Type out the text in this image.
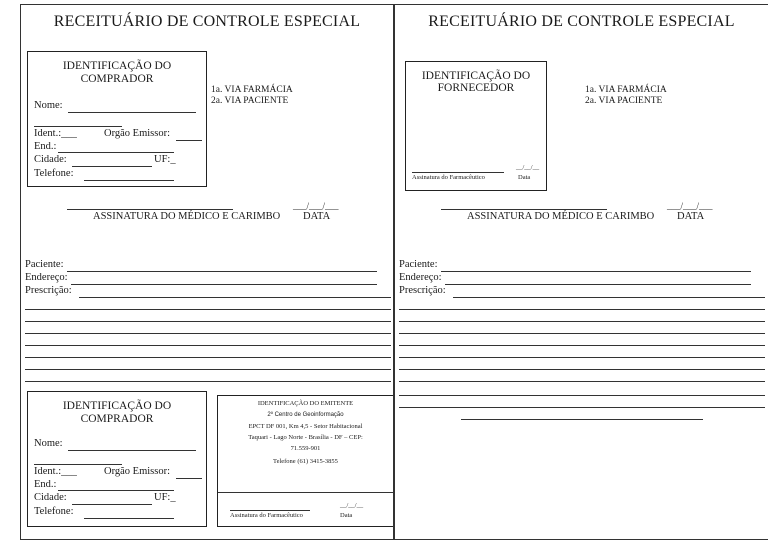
RECEITUÁRIO DE CONTROLE ESPECIAL
IDENTIFICAÇÃO DO
COMPRADOR
Nome:
Ident.:___	Orgão Emissor:
End.:
Cidade:	UF:_
Telefone:
1a. VIA FARMÁCIA
2a. VIA PACIENTE
ASSINATURA DO MÉDICO E CARIMBO
___/___/___
DATA
Paciente:
Endereço:
Prescrição:
IDENTIFICAÇÃO DO
COMPRADOR
Nome:
Ident.:___	Orgão Emissor:
End.:
Cidade:	UF:_
Telefone:
IDENTIFICAÇÃO DO EMITENTE
2º Centro de Geoinformação
EPCT DF 001, Km 4,5 - Setor Habitacional
Taquari - Lago Norte - Brasília - DF – CEP:
71.559-901
Telefone (61) 3415-3855
Assinatura do Farmacêutico
__/__/__
Data
RECEITUÁRIO DE CONTROLE ESPECIAL
IDENTIFICAÇÃO DO
FORNECEDOR
Assinatura do Farmacêutico
__/__/__
Data
1a. VIA FARMÁCIA
2a. VIA PACIENTE
ASSINATURA DO MÉDICO E CARIMBO
___/___/___
DATA
Paciente:
Endereço:
Prescrição:
